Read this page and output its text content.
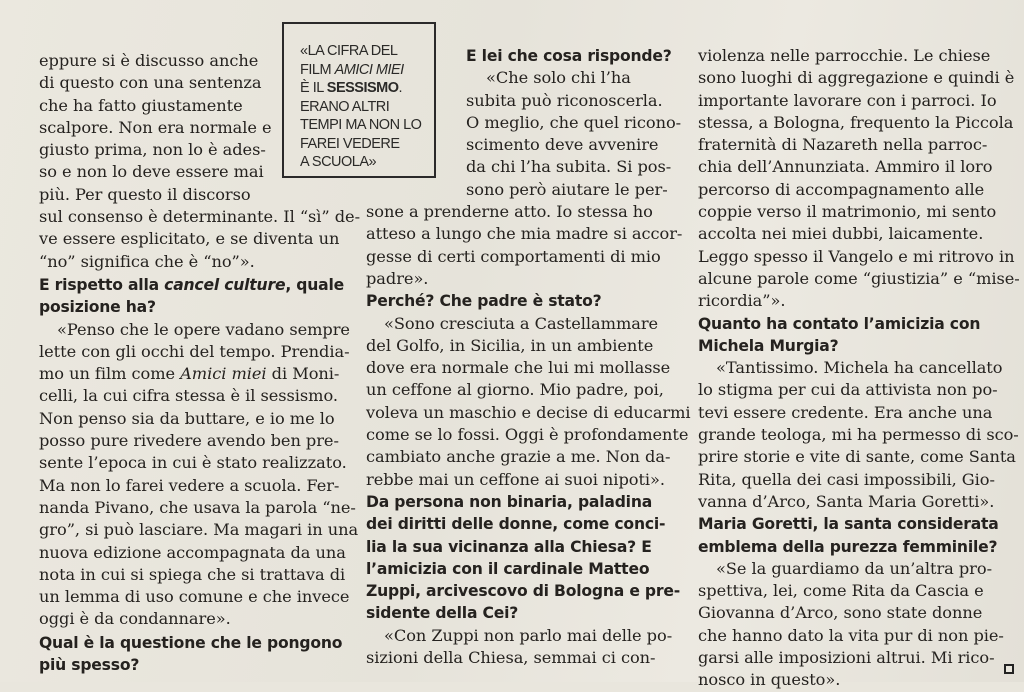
eppure si è discusso anche
di questo con una sentenza
che ha fatto giustamente
scalpore. Non era normale e
giusto prima, non lo è ades-
so e non lo deve essere mai
più. Per questo il discorso
sul consenso è determinante. Il “sì” de-
ve essere esplicitato, e se diventa un
“no” significa che è “no”».

E rispetto alla cancel culture, quale
posizione ha?

«Penso che le opere vadano sempre
lette con gli occhi del tempo. Prendia-
mo un film come Amici miei di Moni-
celli, la cui cifra stessa è il sessismo.
Non penso sia da buttare, e io me lo
posso pure rivedere avendo ben pre-
sente l’epoca in cui è stato realizzato.
Ma non lo farei vedere a scuola. Fer-
nanda Pivano, che usava la parola “ne-
gro”, si può lasciare. Ma magari in una
nuova edizione accompagnata da una
nota in cui si spiega che si trattava di
un lemma di uso comune e che invece
oggi è da condannare».

Qual è la questione che le pongono
più spesso?

«LA CIFRA DEL
FILM AMICI MIEI
È IL SESSISMO.
ERANO ALTRI
TEMPI MA NON LO
FAREI VEDERE
A SCUOLA»

E lei che cosa risponde?

«Che solo chi l’ha
subita può riconoscerla.
O meglio, che quel ricono-
scimento deve avvenire
da chi l’ha subita. Si pos-
sono però aiutare le per-
sone a prenderne atto. Io stessa ho
atteso a lungo che mia madre si accor-
gesse di certi comportamenti di mio
padre».

Perché? Che padre è stato?

«Sono cresciuta a Castellammare
del Golfo, in Sicilia, in un ambiente
dove era normale che lui mi mollasse
un ceffone al giorno. Mio padre, poi,
voleva un maschio e decise di educarmi
come se lo fossi. Oggi è profondamente
cambiato anche grazie a me. Non da-
rebbe mai un ceffone ai suoi nipoti».

Da persona non binaria, paladina
dei diritti delle donne, come conci-
lia la sua vicinanza alla Chiesa? E
l’amicizia con il cardinale Matteo
Zuppi, arcivescovo di Bologna e pre-
sidente della Cei?

«Con Zuppi non parlo mai delle po-
sizioni della Chiesa, semmai ci con-

violenza nelle parrocchie. Le chiese
sono luoghi di aggregazione e quindi è
importante lavorare con i parroci. Io
stessa, a Bologna, frequento la Piccola
fraternità di Nazareth nella parroc-
chia dell’Annunziata. Ammiro il loro
percorso di accompagnamento alle
coppie verso il matrimonio, mi sento
accolta nei miei dubbi, laicamente.
Leggo spesso il Vangelo e mi ritrovo in
alcune parole come “giustizia” e “mise-
ricordia”».

Quanto ha contato l’amicizia con
Michela Murgia?

«Tantissimo. Michela ha cancellato
lo stigma per cui da attivista non po-
tevi essere credente. Era anche una
grande teologa, mi ha permesso di sco-
prire storie e vite di sante, come Santa
Rita, quella dei casi impossibili, Gio-
vanna d’Arco, Santa Maria Goretti».

Maria Goretti, la santa considerata
emblema della purezza femminile?

«Se la guardiamo da un’altra pro-
spettiva, lei, come Rita da Cascia e
Giovanna d’Arco, sono state donne
che hanno dato la vita pur di non pie-
garsi alle imposizioni altrui. Mi rico-
nosco in questo».
